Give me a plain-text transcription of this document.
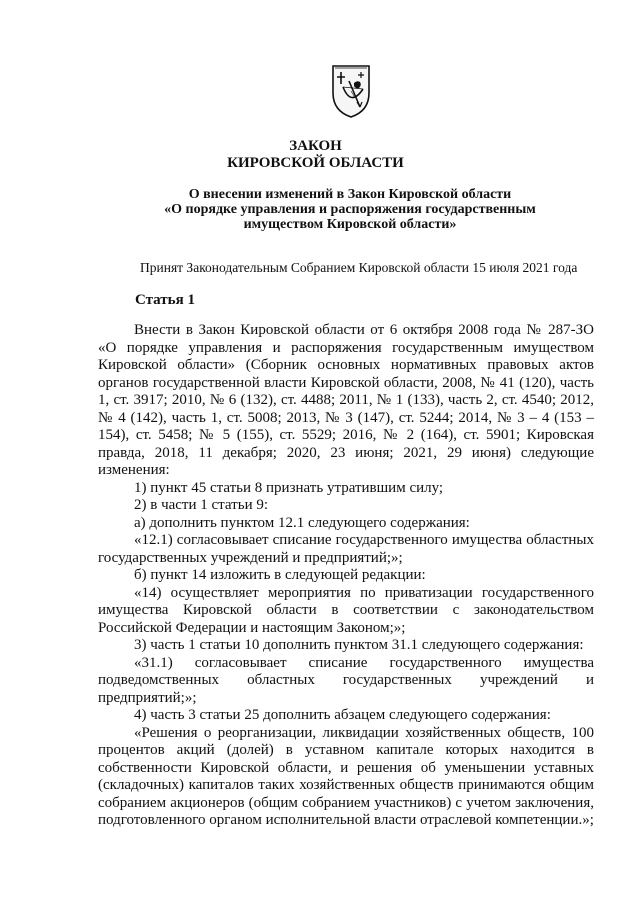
ЗАКОН
КИРОВСКОЙ ОБЛАСТИ
О внесении изменений в Закон Кировской области
«О порядке управления и распоряжения государственным
имуществом Кировской области»
Принят Законодательным Собранием Кировской области 15 июля 2021 года
Статья 1

Внести в Закон Кировской области от 6 октября 2008 года № 287-ЗО «О порядке управления и распоряжения государственным имуществом Кировской области» (Сборник основных нормативных правовых актов органов государственной власти Кировской области, 2008, № 41 (120), часть 1, ст. 3917; 2010, № 6 (132), ст. 4488; 2011, № 1 (133), часть 2, ст. 4540; 2012, № 4 (142), часть 1, ст. 5008; 2013, № 3 (147), ст. 5244; 2014, № 3 – 4 (153 – 154), ст. 5458; № 5 (155), ст. 5529; 2016, № 2 (164), ст. 5901; Кировская правда, 2018, 11 декабря; 2020, 23 июня; 2021, 29 июня) следующие изменения:

1) пункт 45 статьи 8 признать утратившим силу;

2) в части 1 статьи 9:

а) дополнить пунктом 12.1 следующего содержания:

«12.1) согласовывает списание государственного имущества областных государственных учреждений и предприятий;»;

б) пункт 14 изложить в следующей редакции:

«14) осуществляет мероприятия по приватизации государственного имущества Кировской области в соответствии с законодательством Российской Федерации и настоящим Законом;»;

3) часть 1 статьи 10 дополнить пунктом 31.1 следующего содержания:

«31.1) согласовывает списание государственного имущества подведомственных областных государственных учреждений и предприятий;»;

4) часть 3 статьи 25 дополнить абзацем следующего содержания:

«Решения о реорганизации, ликвидации хозяйственных обществ, 100 процентов акций (долей) в уставном капитале которых находится в собственности Кировской области, и решения об уменьшении уставных (складочных) капиталов таких хозяйственных обществ принимаются общим собранием акционеров (общим собранием участников) с учетом заключения, подготовленного органом исполнительной власти отраслевой компетенции.»;
